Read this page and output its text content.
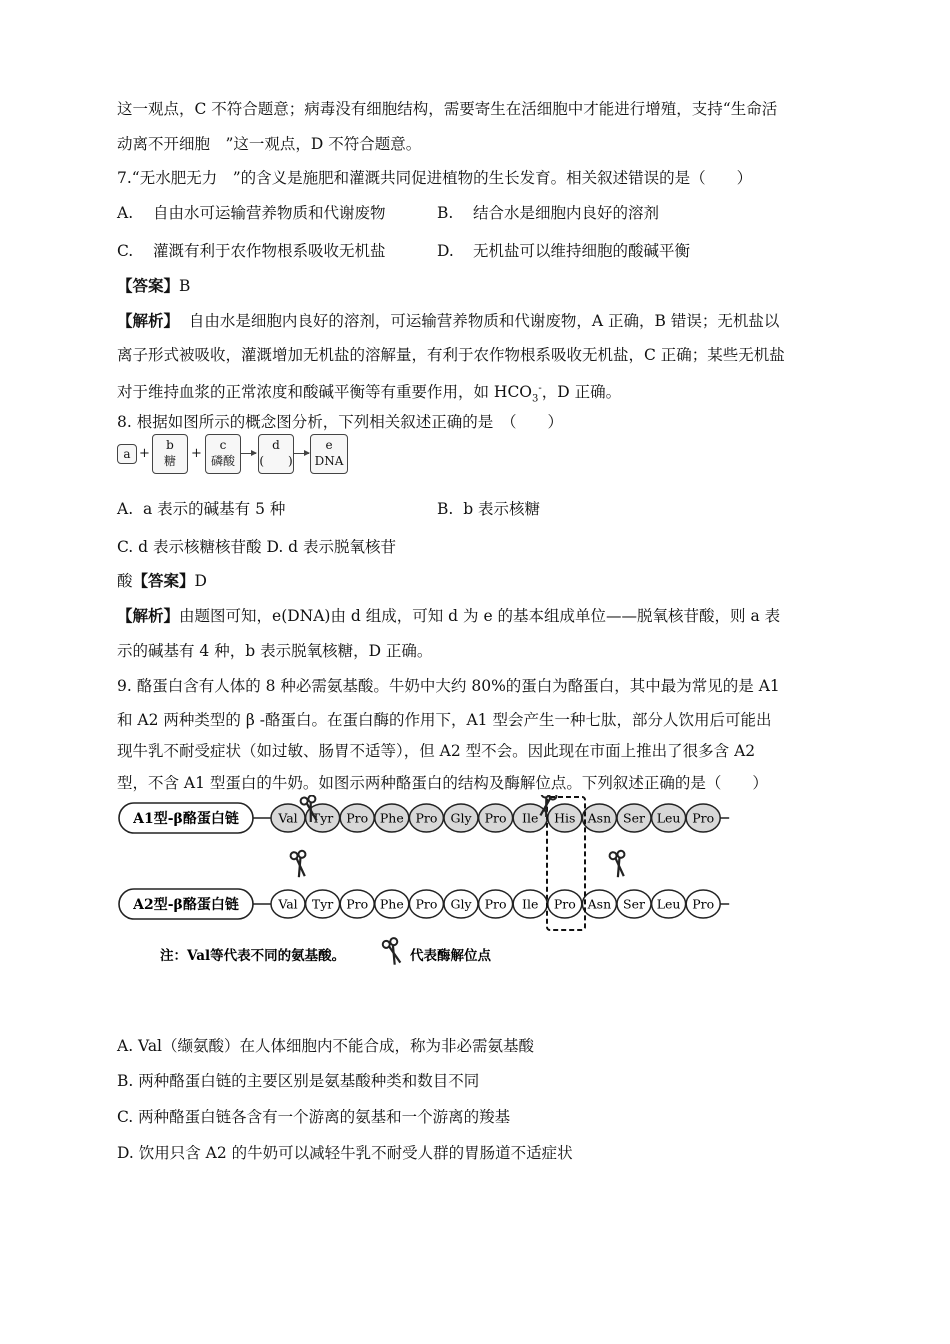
这一观点，C 不符合题意；病毒没有细胞结构，需要寄生在活细胞中才能进行增殖，支持“生命活
动离不开细胞　”这一观点，D 不符合题意。
7.“无水肥无力　”的含义是施肥和灌溉共同促进植物的生长发育。相关叙述错误的是（　　）
A. 自由水可运输营养物质和代谢废物	B. 结合水是细胞内良好的溶剂
C. 灌溉有利于农作物根系吸收无机盐	D. 无机盐可以维持细胞的酸碱平衡
【答案】B
【解析】 自由水是细胞内良好的溶剂，可运输营养物质和代谢废物，A 正确，B 错误；无机盐以
离子形式被吸收，灌溉增加无机盐的溶解量，有利于农作物根系吸收无机盐，C 正确；某些无机盐
对于维持血浆的正常浓度和酸碱平衡等有重要作用，如 $HCO_3^-$，D 正确。
8. 根据如图所示的概念图分析，下列相关叙述正确的是　（　　）
a +
b
糖	+
c
磷酸
d
(　　)
e
DNA
A. a 表示的碱基有 5 种	B. b 表示核糖
C. d 表示核糖核苷酸 D. d 表示脱氧核苷
酸【答案】D
【解析】由题图可知，e(DNA)由 d 组成，可知 d 为 e 的基本组成单位——脱氧核苷酸，则 a 表
示的碱基有 4 种，b 表示脱氧核糖，D 正确。
9. 酪蛋白含有人体的 8 种必需氨基酸。牛奶中大约 80%的蛋白为酪蛋白，其中最为常见的是 A1
和 A2 两种类型的 β -酪蛋白。在蛋白酶的作用下，A1 型会产生一种七肽，部分人饮用后可能出
现牛乳不耐受症状（如过敏、肠胃不适等），但 A2 型不会。因此现在市面上推出了很多含 A2
型，不含 A1 型蛋白的牛奶。如图示两种酪蛋白的结构及酶解位点。下列叙述正确的是（　　）
A1型-β酪蛋白链
A2型-β酪蛋白链
Val Tyr Pro Phe Pro Gly Pro Ile His Asn Ser Leu Pro
Val Tyr Pro Phe Pro Gly Pro Ile Pro Asn Ser Leu Pro
注：Val等代表不同的氨基酸。	代表酶解位点
A. Val（缬氨酸）在人体细胞内不能合成，称为非必需氨基酸
B. 两种酪蛋白链的主要区别是氨基酸种类和数目不同
C. 两种酪蛋白链各含有一个游离的氨基和一个游离的羧基
D. 饮用只含 A2 的牛奶可以减轻牛乳不耐受人群的胃肠道不适症状
